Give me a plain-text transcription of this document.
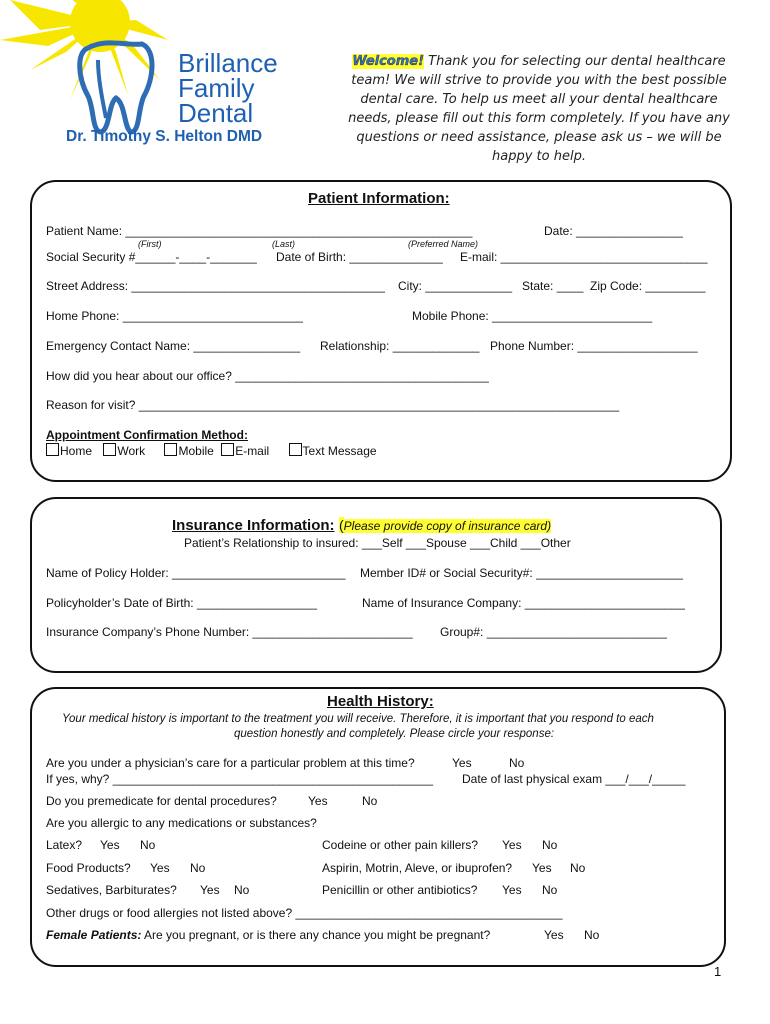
Brillance
Family
Dental
Dr. Timothy S. Helton DMD
Welcome! Thank you for selecting our dental healthcare team! We will strive to provide you with the best possible dental care. To help us meet all your dental healthcare needs, please fill out this form completely. If you have any questions or need assistance, please ask us – we will be happy to help.
Patient Information:
Patient Name: ____________________________________________________	Date: ________________
(First)	(Last)	(Preferred Name)
Social Security #______-____-_______ Date of Birth: ______________ E-mail: _______________________________
Street Address: ______________________________________ City: _____________ State: ____ Zip Code: _________
Home Phone: ___________________________	Mobile Phone: ________________________
Emergency Contact Name: ________________ Relationship: _____________ Phone Number: __________________
How did you hear about our office? ______________________________________
Reason for visit? ________________________________________________________________________
Appointment Confirmation Method:
Home Work	Mobile E-mail	Text Message
Insurance Information: (Please provide copy of insurance card)
Patient’s Relationship to insured: ___Self ___Spouse ___Child ___Other
Name of Policy Holder: __________________________ Member ID# or Social Security#: ______________________
Policyholder’s Date of Birth: __________________	Name of Insurance Company: ________________________
Insurance Company’s Phone Number: ________________________ Group#: ___________________________
Health History:
Your medical history is important to the treatment you will receive. Therefore, it is important that you respond to each
question honestly and completely. Please circle your response:
Are you under a physician’s care for a particular problem at this time?	Yes	No
If yes, why? ________________________________________________ Date of last physical exam ___/___/_____
Do you premedicate for dental procedures?	Yes	No
Are you allergic to any medications or substances?
Latex? Yes No	Codeine or other pain killers? Yes No
Food Products? Yes No	Aspirin, Motrin, Aleve, or ibuprofen? Yes No
Sedatives, Barbiturates? Yes No	Penicillin or other antibiotics? Yes No
Other drugs or food allergies not listed above? ________________________________________
Female Patients: Are you pregnant, or is there any chance you might be pregnant?	Yes No
1
